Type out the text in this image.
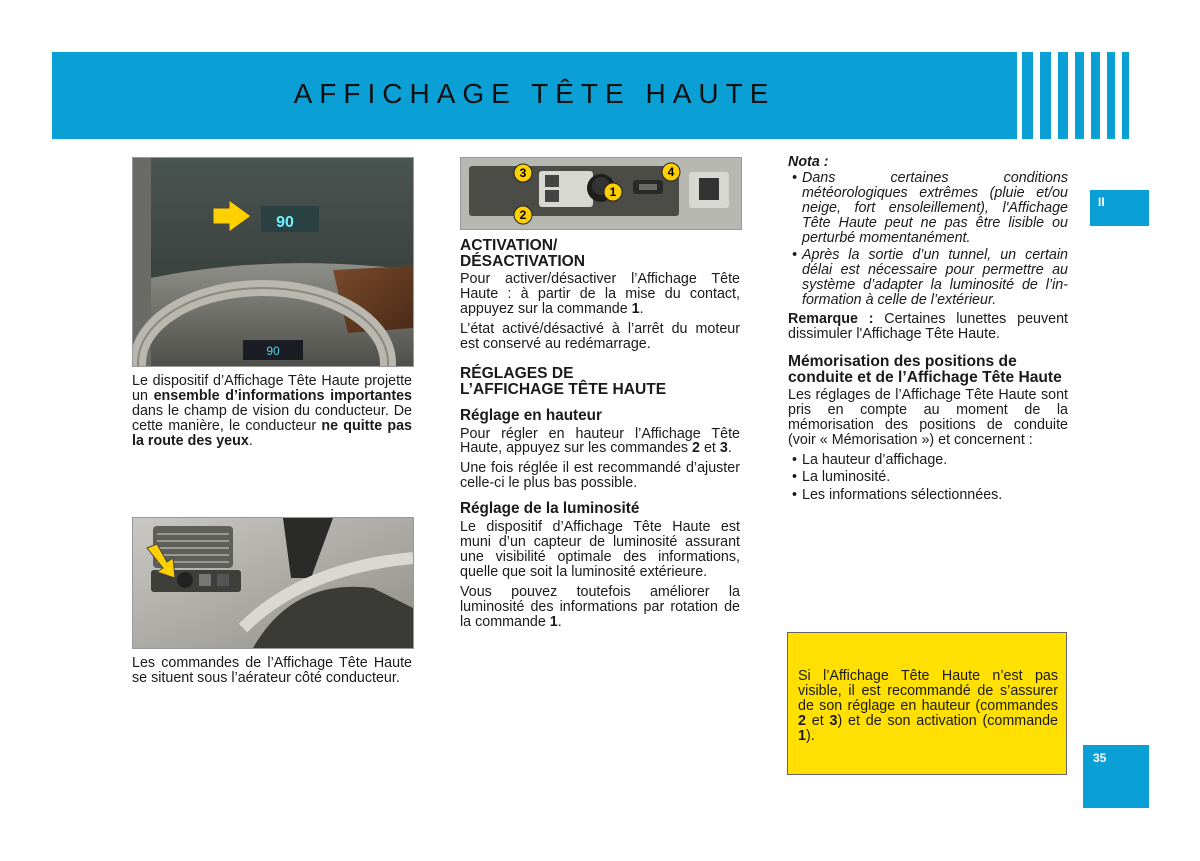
AFFICHAGE TÊTE HAUTE
II
35
90
90

Le dispositif d’Affichage Tête Haute projette un ensemble d’informations importantes dans le champ de vision du conducteur. De cette manière, le conducteur ne quitte pas la route des yeux.

Les commandes de l’Affichage Tête Haute se situent sous l’aérateur côté conducteur.

3	4
1
2
ACTIVATION/
DÉSACTIVATION

Pour activer/désactiver l’Affichage Tête Haute : à partir de la mise du contact, appuyez sur la commande 1.

L’état activé/désactivé à l’arrêt du moteur est conservé au redémarrage.

RÉGLAGES DE
L’AFFICHAGE TÊTE HAUTE
Réglage en hauteur

Pour régler en hauteur l’Affichage Tête Haute, appuyez sur les commandes 2 et 3.

Une fois réglée il est recommandé d’ajuster celle-ci le plus bas possible.

Réglage de la luminosité

Le dispositif d’Affichage Tête Haute est muni d’un capteur de luminosité assurant une visibilité optimale des informations, quelle que soit la luminosité extérieure.

Vous pouvez toutefois améliorer la luminosité des informations par rotation de la commande 1.

Nota :
• Dans certaines conditions météorologiques extrêmes (pluie et/ou neige, fort ensoleillement), l'Affichage Tête Haute peut ne pas être lisible ou perturbé momentanément.
• Après la sortie d’un tunnel, un certain délai est nécessaire pour permettre au système d’adapter la luminosité de l’information à celle de l’extérieur.

Remarque : Certaines lunettes peuvent dissimuler l'Affichage Tête Haute.

Mémorisation des positions de conduite et de l’Affichage Tête Haute

Les réglages de l’Affichage Tête Haute sont pris en compte au moment de la mémorisation des positions de conduite (voir « Mémorisation ») et concernent :

• La hauteur d’affichage.
• La luminosité.
• Les informations sélectionnées.

Si l’Affichage Tête Haute n’est pas visible, il est recommandé de s’assurer de son réglage en hauteur (commandes 2 et 3) et de son activation (commande 1).
